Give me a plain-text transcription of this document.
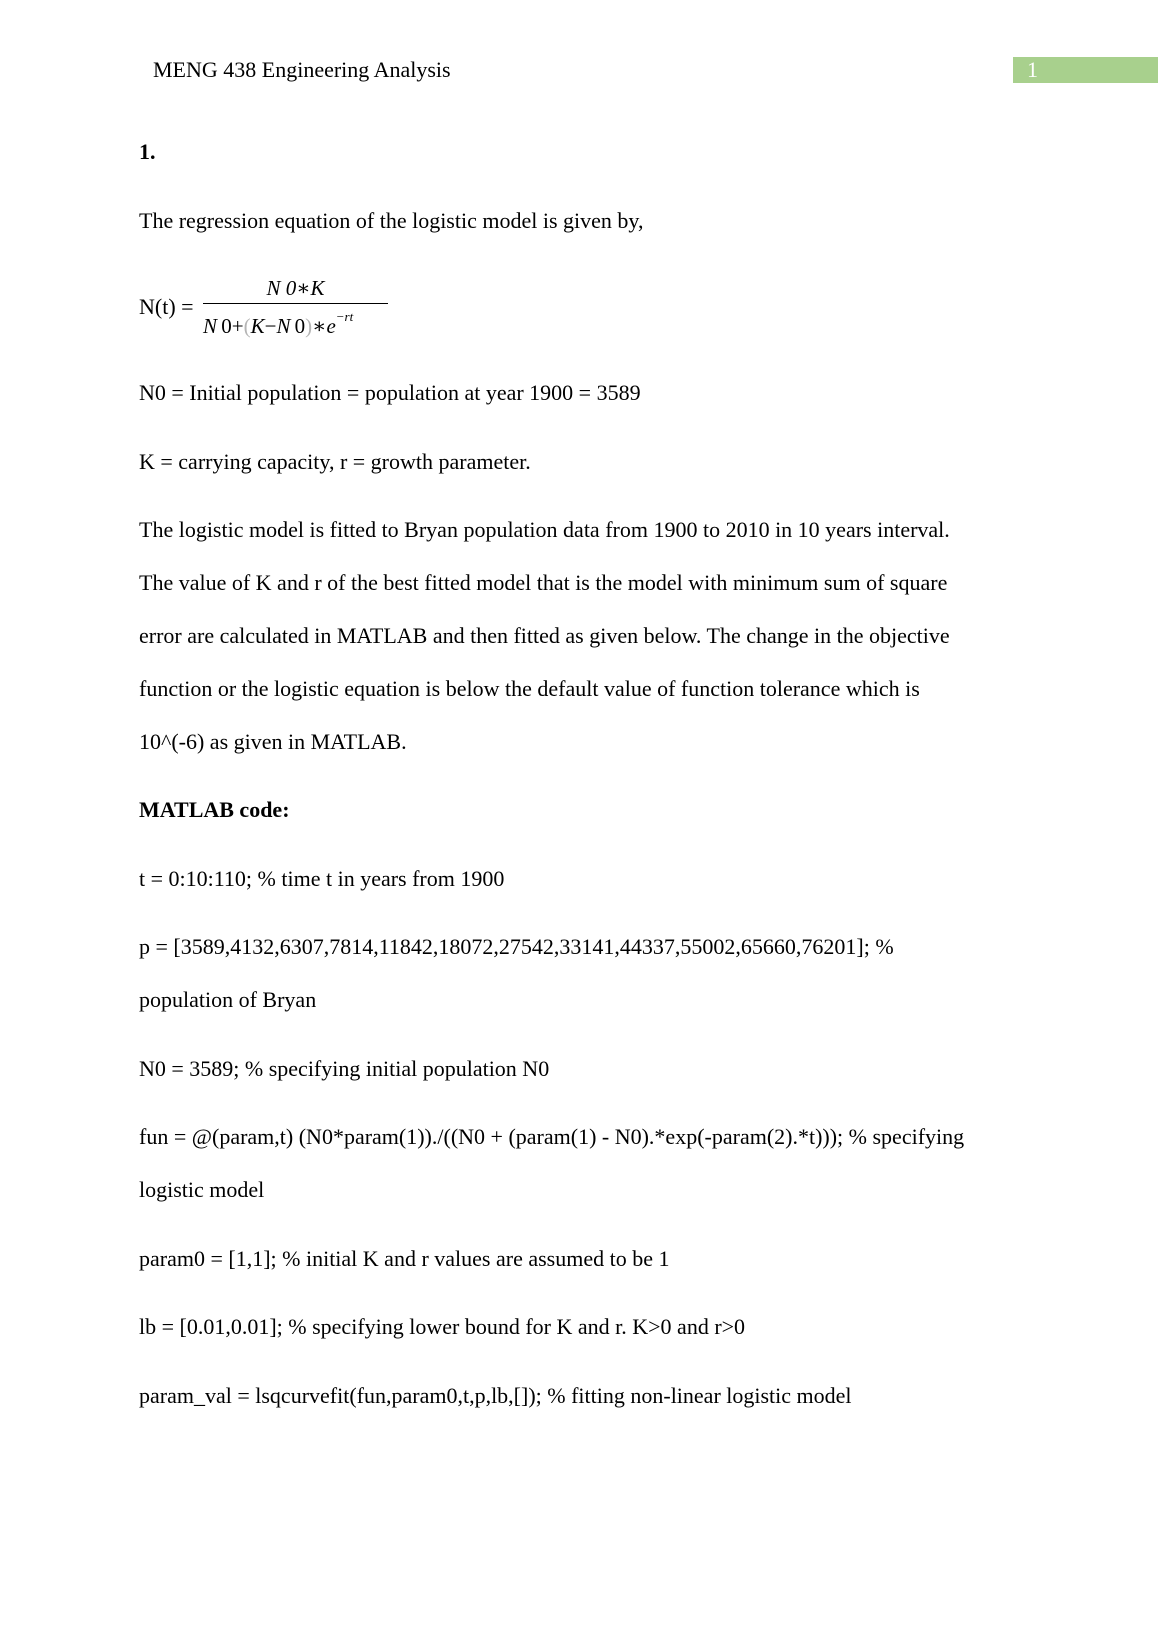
MENG 438 Engineering Analysis	1
1.
The regression equation of the logistic model is given by,
N(t) =
N 0∗K
N  0+(K−N  $0)∗e^{-rt}$
N0 = Initial population = population at year 1900 = 3589
K = carrying capacity, r = growth parameter.
The logistic model is fitted to Bryan population data from 1900 to 2010 in 10 years interval.
The value of K and r of the best fitted model that is the model with minimum sum of square
error are calculated in MATLAB and then fitted as given below. The change in the objective
function or the logistic equation is below the default value of function tolerance which is
10^(-6) as given in MATLAB.
MATLAB code:
t = 0:10:110; % time t in years from 1900
p = [3589,4132,6307,7814,11842,18072,27542,33141,44337,55002,65660,76201]; %
population of Bryan
N0 = 3589; % specifying initial population N0
fun = @(param,t) (N0*param(1))./((N0 + (param(1) - N0).*exp(-param(2).*t))); % specifying
logistic model
param0 = [1,1]; % initial K and r values are assumed to be 1
lb = [0.01,0.01]; % specifying lower bound for K and r. K>0 and r>0
param_val = lsqcurvefit(fun,param0,t,p,lb,[]); % fitting non-linear logistic model
